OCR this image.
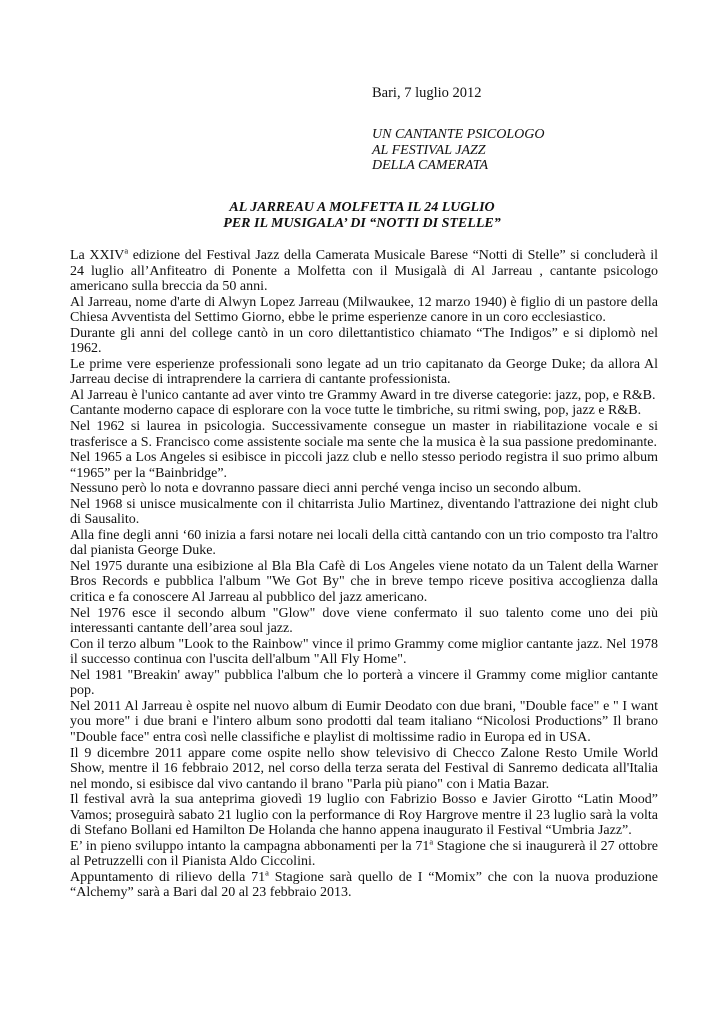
Bari, 7 luglio 2012
UN CANTANTE PSICOLOGO
AL FESTIVAL JAZZ
DELLA CAMERATA
AL JARREAU A MOLFETTA IL 24 LUGLIO
PER IL MUSIGALA’ DI “NOTTI DI STELLE”

La XXIV$^a$ edizione del Festival Jazz della Camerata Musicale Barese “Notti di Stelle” si concluderà il 24 luglio all’Anfiteatro di Ponente a Molfetta con il Musigalà di Al Jarreau , cantante psicologo americano sulla breccia da 50 anni.

Al Jarreau, nome d'arte di Alwyn Lopez Jarreau (Milwaukee, 12 marzo 1940) è figlio di un pastore della Chiesa Avventista del Settimo Giorno, ebbe le prime esperienze canore in un coro ecclesiastico.

Durante gli anni del college cantò in un coro dilettantistico chiamato “The Indigos” e si diplomò nel 1962.

Le prime vere esperienze professionali sono legate ad un trio capitanato da George Duke; da allora Al Jarreau decise di intraprendere la carriera di cantante professionista.

Al Jarreau è l'unico cantante ad aver vinto tre Grammy Award in tre diverse categorie: jazz, pop, e R&B.

Cantante moderno capace di esplorare con la voce tutte le timbriche, su ritmi swing, pop, jazz e R&B.

Nel 1962 si laurea in psicologia. Successivamente consegue un master in riabilitazione vocale e si trasferisce a S. Francisco come assistente sociale ma sente che la musica è la sua passione predominante.

Nel 1965 a Los Angeles si esibisce in piccoli jazz club e nello stesso periodo registra il suo primo album “1965” per la “Bainbridge”.

Nessuno però lo nota e dovranno passare dieci anni perché venga inciso un secondo album.

Nel 1968 si unisce musicalmente con il chitarrista Julio Martinez, diventando l'attrazione dei night club di Sausalito.

Alla fine degli anni ‘60 inizia a farsi notare nei locali della città cantando con un trio composto tra l'altro dal pianista George Duke.

Nel 1975 durante una esibizione al Bla Bla Cafè di Los Angeles viene notato da un Talent della Warner Bros Records e pubblica l'album "We Got By" che in breve tempo riceve positiva accoglienza dalla critica e fa conoscere Al Jarreau al pubblico del jazz americano.

Nel 1976 esce il secondo album "Glow" dove viene confermato il suo talento come uno dei più interessanti cantante dell’area soul jazz.

Con il terzo album "Look to the Rainbow" vince il primo Grammy come miglior cantante jazz. Nel 1978 il successo continua con l'uscita dell'album "All Fly Home".

Nel 1981 "Breakin' away" pubblica l'album che lo porterà a vincere il Grammy come miglior cantante pop.

Nel 2011 Al Jarreau è ospite nel nuovo album di Eumir Deodato con due brani, "Double face" e " I want you more" i due brani e l'intero album sono prodotti dal team italiano “Nicolosi Productions” Il brano "Double face" entra così nelle classifiche e playlist di moltissime radio in Europa ed in USA.

Il 9 dicembre 2011 appare come ospite nello show televisivo di Checco Zalone Resto Umile World Show, mentre il 16 febbraio 2012, nel corso della terza serata del Festival di Sanremo dedicata all'Italia nel mondo, si esibisce dal vivo cantando il brano "Parla più piano" con i Matia Bazar.

Il festival avrà la sua anteprima giovedì 19 luglio con Fabrizio Bosso e Javier Girotto “Latin Mood” Vamos; proseguirà sabato 21 luglio con la performance di Roy Hargrove mentre il 23 luglio sarà la volta di Stefano Bollani ed Hamilton De Holanda che hanno appena inaugurato il Festival “Umbria Jazz”.

E’ in pieno sviluppo intanto la campagna abbonamenti per la 71$^a$ Stagione che si inaugurerà il 27 ottobre al Petruzzelli con il Pianista Aldo Ciccolini.

Appuntamento di rilievo della 71$^a$ Stagione sarà quello de I “Momix” che con la nuova produzione “Alchemy” sarà a Bari dal 20 al 23 febbraio 2013.
